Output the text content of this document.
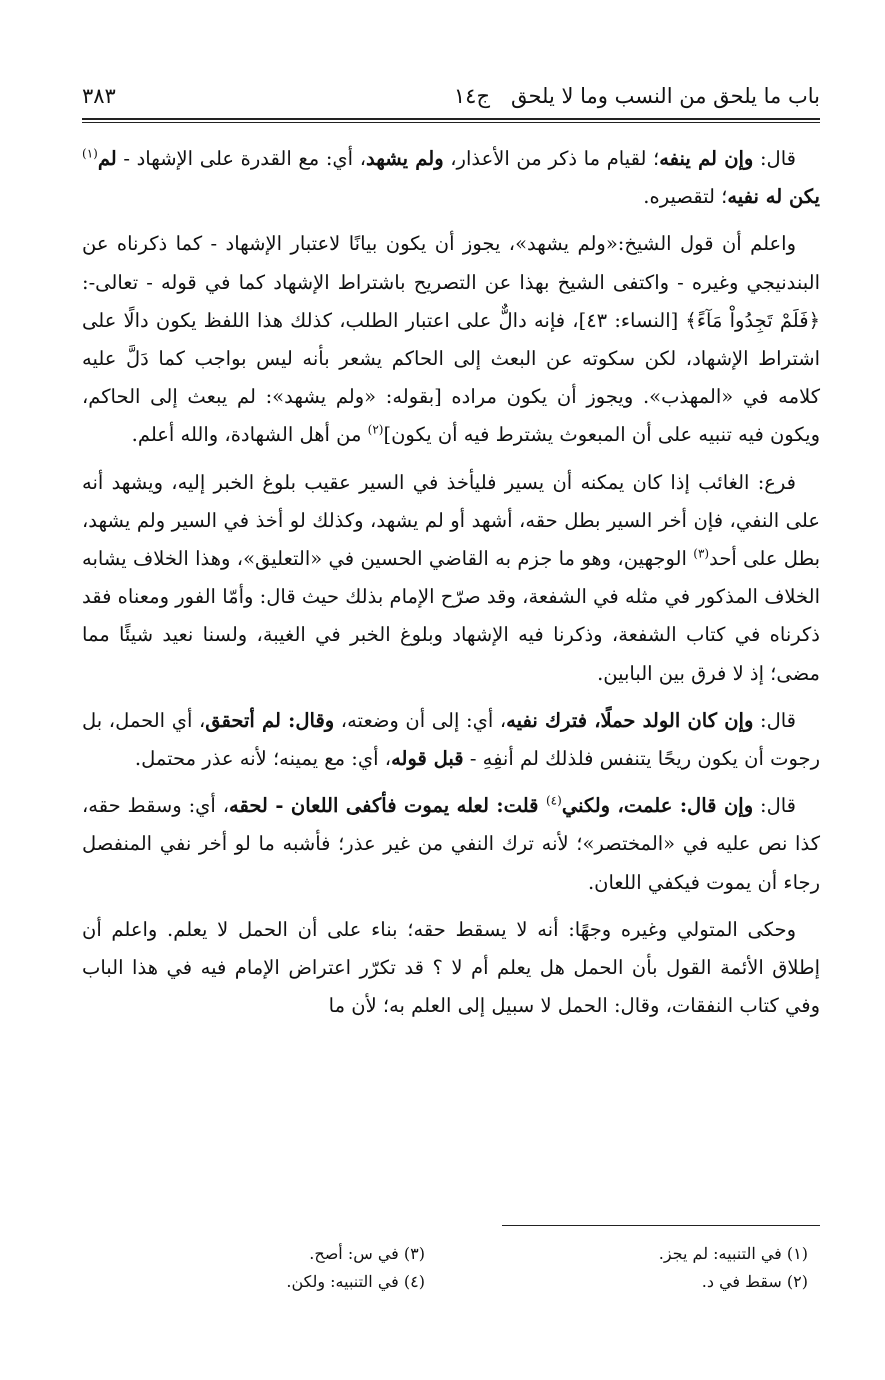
باب ما يلحق من النسب وما لا يلحق
ج١٤
٣٨٣

قال: وإن لم ينفه؛ لقيام ما ذكر من الأعذار، ولم يشهد، أي: مع القدرة على الإشهاد - لم$^{(١)}$ يكن له نفيه؛ لتقصيره.

واعلم أن قول الشيخ:«ولم يشهد»، يجوز أن يكون بيانًا لاعتبار الإشهاد - كما ذكرناه عن البندنيجي وغيره - واكتفى الشيخ بهذا عن التصريح باشتراط الإشهاد كما في قوله - تعالى-: ﴿فَلَمْ تَجِدُواْ مَآءً﴾ [النساء: ٤٣]، فإنه دالٌّ على اعتبار الطلب، كذلك هذا اللفظ يكون دالًا على اشتراط الإشهاد، لكن سكوته عن البعث إلى الحاكم يشعر بأنه ليس بواجب كما دَلَّ عليه كلامه في «المهذب». ويجوز أن يكون مراده [بقوله: «ولم يشهد»: لم يبعث إلى الحاكم، ويكون فيه تنبيه على أن المبعوث يشترط فيه أن يكون]$^{(٢)}$ من أهل الشهادة، والله أعلم.

فرع: الغائب إذا كان يمكنه أن يسير فليأخذ في السير عقيب بلوغ الخبر إليه، ويشهد أنه على النفي، فإن أخر السير بطل حقه، أشهد أو لم يشهد، وكذلك لو أخذ في السير ولم يشهد، بطل على أحد$^{(٣)}$ الوجهين، وهو ما جزم به القاضي الحسين في «التعليق»، وهذا الخلاف يشابه الخلاف المذكور في مثله في الشفعة، وقد صرّح الإمام بذلك حيث قال: وأمّا الفور ومعناه فقد ذكرناه في كتاب الشفعة، وذكرنا فيه الإشهاد وبلوغ الخبر في الغيبة، ولسنا نعيد شيئًا مما مضى؛ إذ لا فرق بين البابين.

قال: وإن كان الولد حملًا، فترك نفيه، أي: إلى أن وضعته، وقال: لم أتحقق، أي الحمل، بل رجوت أن يكون ريحًا يتنفس فلذلك لم أنفِهِ - قبل قوله، أي: مع يمينه؛ لأنه عذر محتمل.

قال: وإن قال: علمت، ولكني$^{(٤)}$ قلت: لعله يموت فأكفى اللعان - لحقه، أي: وسقط حقه، كذا نص عليه في «المختصر»؛ لأنه ترك النفي من غير عذر؛ فأشبه ما لو أخر نفي المنفصل رجاء أن يموت فيكفي اللعان.

وحكى المتولي وغيره وجهًا: أنه لا يسقط حقه؛ بناء على أن الحمل لا يعلم. واعلم أن إطلاق الأئمة القول بأن الحمل هل يعلم أم لا ؟ قد تكرّر اعتراض الإمام فيه في هذا الباب وفي كتاب النفقات، وقال: الحمل لا سبيل إلى العلم به؛ لأن ما

(١) في التنبيه: لم يجز.
(٢) سقط في د.
(٣) في س: أصح.
(٤) في التنبيه: ولكن.
